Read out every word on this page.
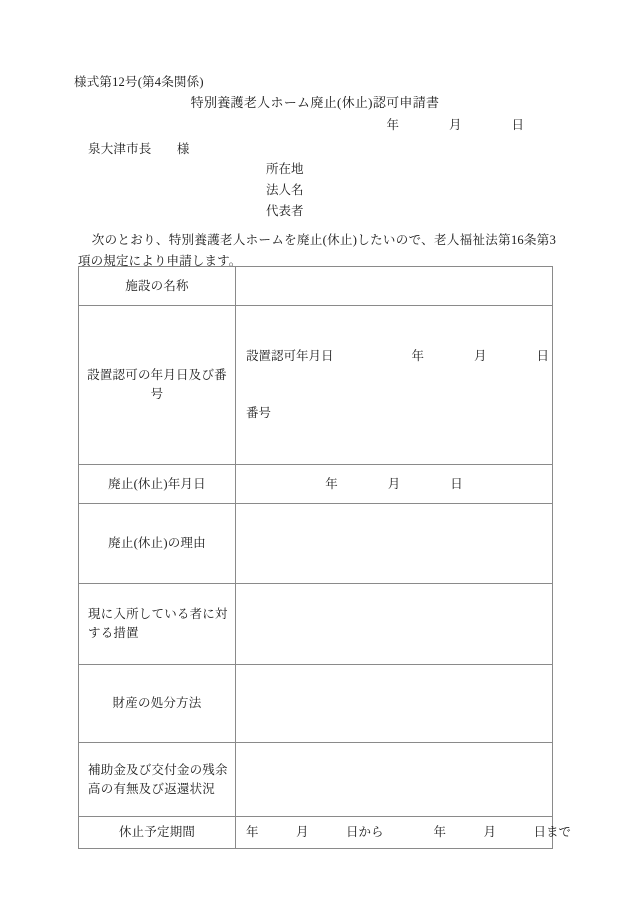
様式第12号(第4条関係)
特別養護老人ホーム廃止(休止)認可申請書
年　　　　月　　　　日
泉大津市長　　様
所在地
法人名
代表者
次のとおり、特別養護老人ホームを廃止(休止)したいので、老人福祉法第16条第3項の規定により申請します。
施設の名称	

設置認可の年月日及び番号	設置認可年月日 年　　　　月　　　　日

番号

廃止(休止)年月日	年　　　　月　　　　日

廃止(休止)の理由	

現に入所している者に対する措置	

財産の処分方法	

補助金及び交付金の残余高の有無及び返還状況	

休止予定期間	年　　　月　　　日から　　　　年　　　月　　　日まで
